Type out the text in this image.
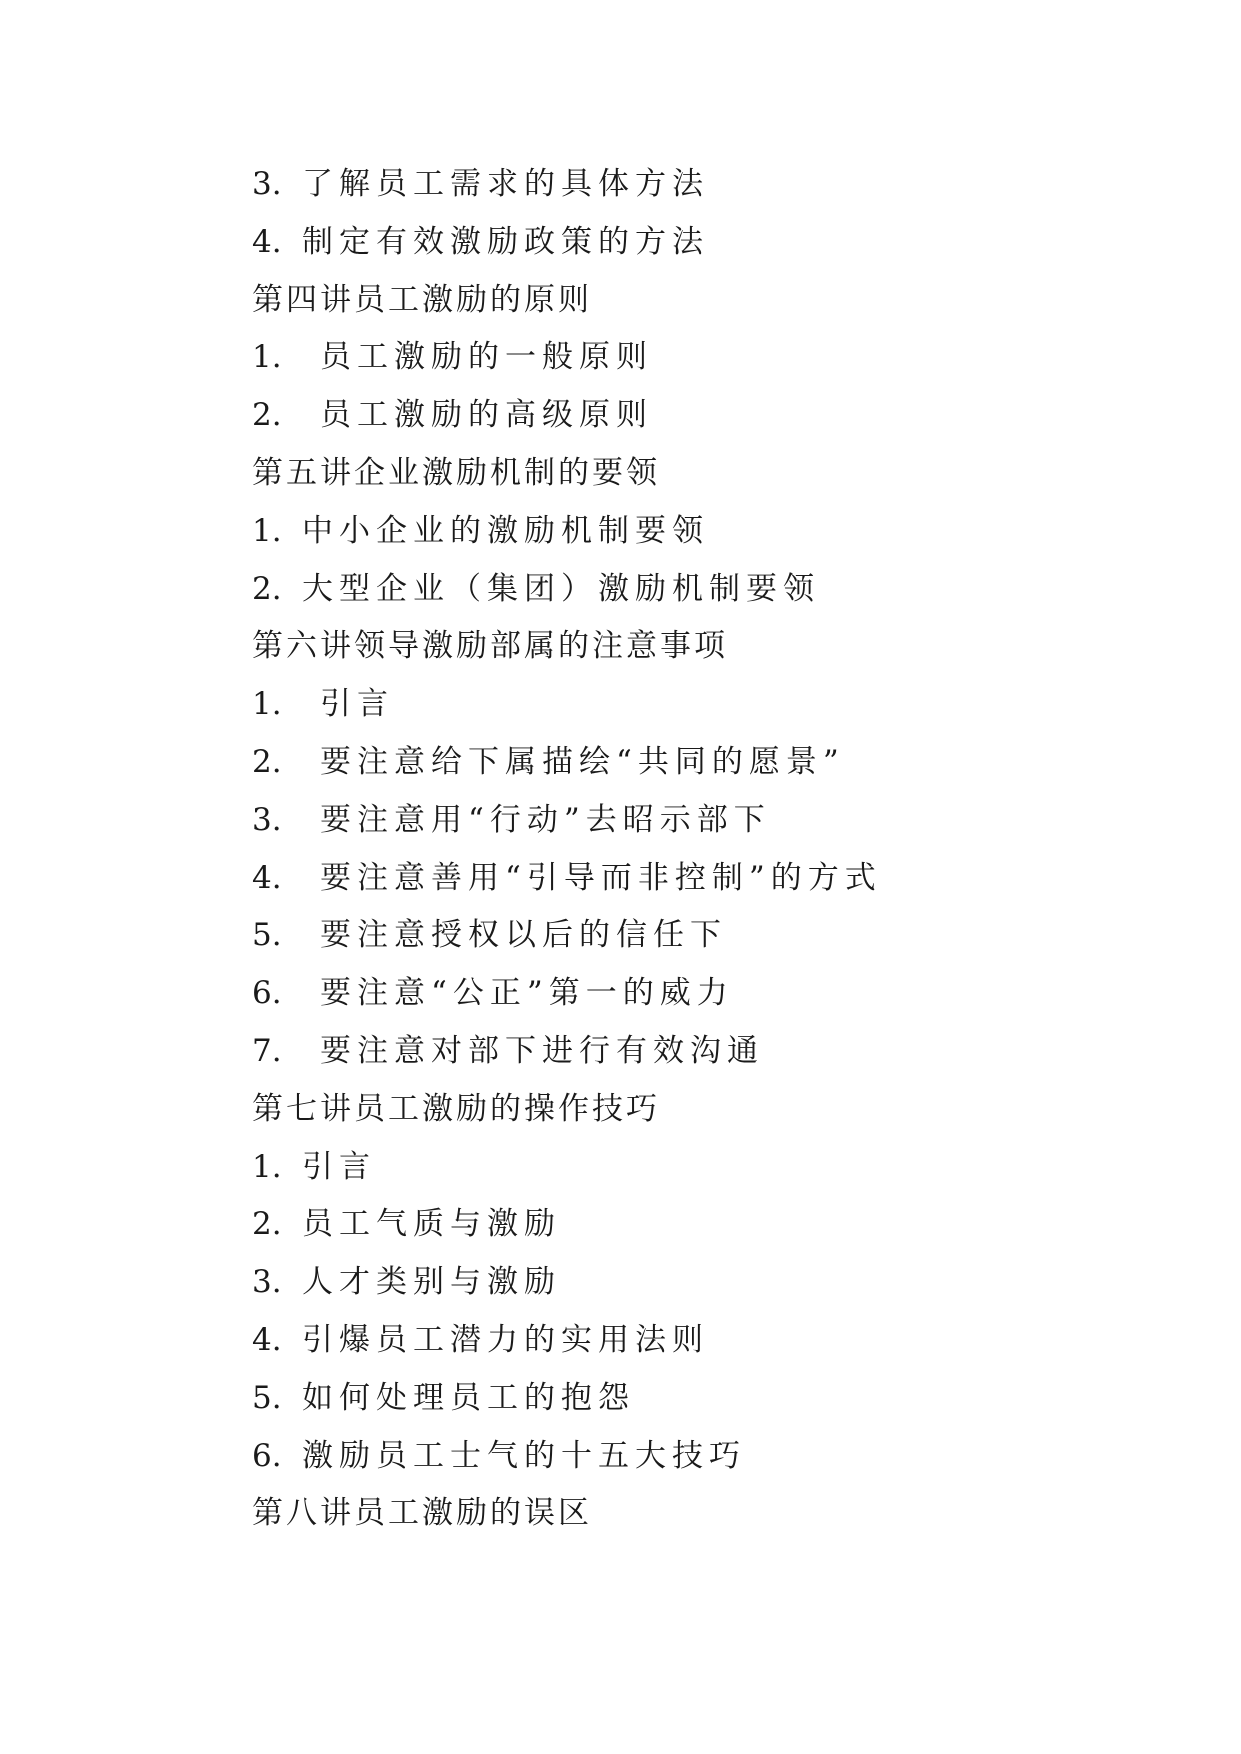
3. 了解员工需求的具体方法
4. 制定有效激励政策的方法
第四讲员工激励的原则
1. 员工激励的一般原则
2. 员工激励的高级原则
第五讲企业激励机制的要领
1. 中小企业的激励机制要领
2. 大型企业（集团）激励机制要领
第六讲领导激励部属的注意事项
1. 引言
2. 要注意给下属描绘“共同的愿景”
3. 要注意用“行动”去昭示部下
4. 要注意善用“引导而非控制”的方式
5. 要注意授权以后的信任下
6. 要注意“公正”第一的威力
7. 要注意对部下进行有效沟通
第七讲员工激励的操作技巧
1. 引言
2. 员工气质与激励
3. 人才类别与激励
4. 引爆员工潜力的实用法则
5. 如何处理员工的抱怨
6. 激励员工士气的十五大技巧
第八讲员工激励的误区
